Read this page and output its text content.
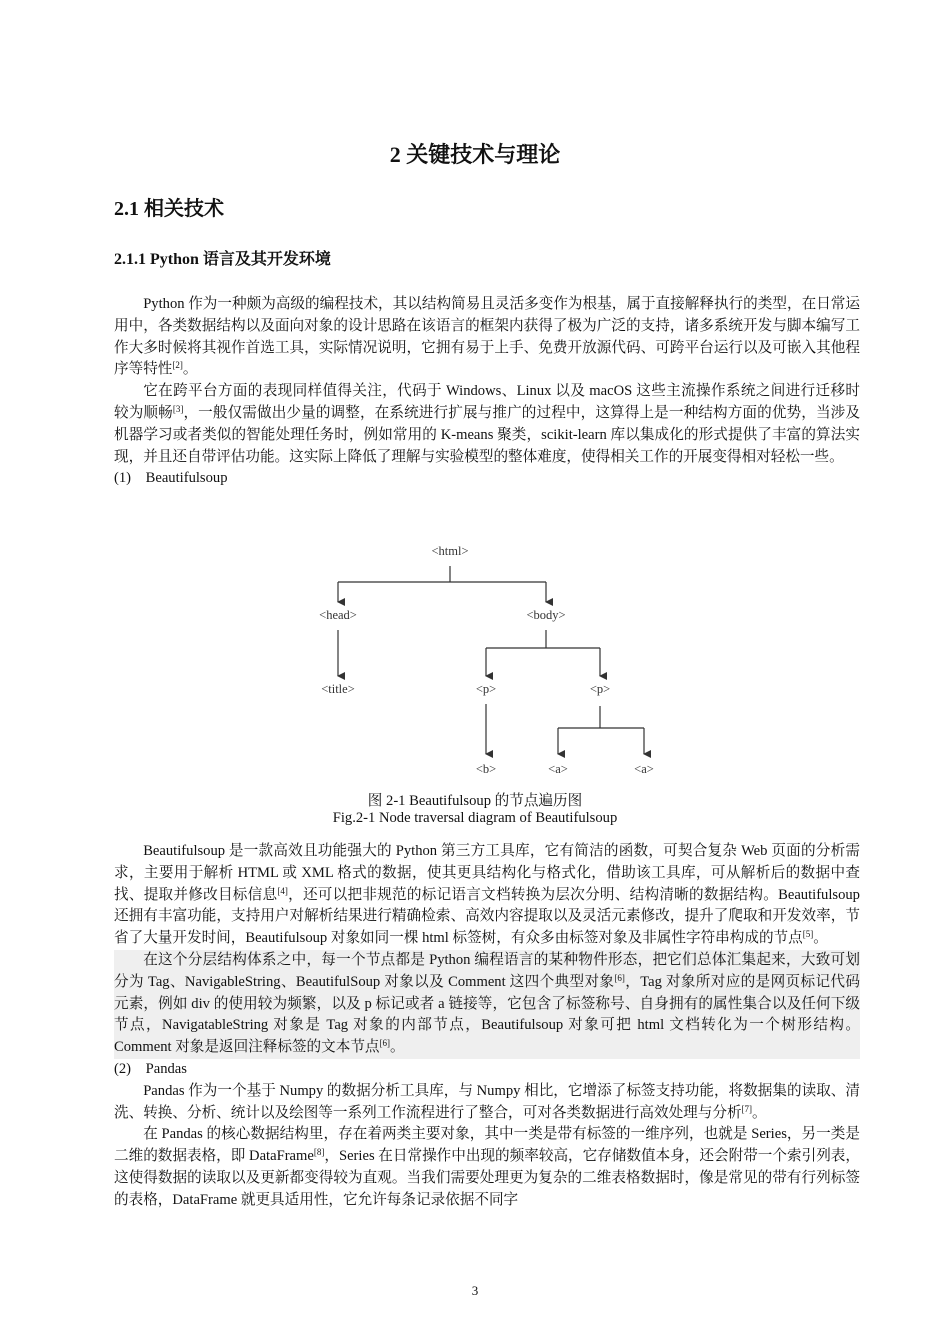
2 关键技术与理论
2.1 相关技术
2.1.1 Python 语言及其开发环境

Python 作为一种颇为高级的编程技术，其以结构简易且灵活多变作为根基，属于直接解释执行的类型，在日常运用中，各类数据结构以及面向对象的设计思路在该语言的框架内获得了极为广泛的支持，诸多系统开发与脚本编写工作大多时候将其视作首选工具，实际情况说明，它拥有易于上手、免费开放源代码、可跨平台运行以及可嵌入其他程序等特性[2]。

它在跨平台方面的表现同样值得关注，代码于 Windows、Linux 以及 macOS 这些主流操作系统之间进行迁移时较为顺畅[3]，一般仅需做出少量的调整，在系统进行扩展与推广的过程中，这算得上是一种结构方面的优势，当涉及机器学习或者类似的智能处理任务时，例如常用的 K-means 聚类，scikit-learn 库以集成化的形式提供了丰富的算法实现，并且还自带评估功能。这实际上降低了理解与实验模型的整体难度，使得相关工作的开展变得相对轻松一些。

(1)    Beautifulsoup

<html>
<head>	<body>
<title>	<p>	<p>
<b>	<a>	<a>
图 2-1 Beautifulsoup 的节点遍历图
Fig.2-1 Node traversal diagram of Beautifulsoup

Beautifulsoup 是一款高效且功能强大的 Python 第三方工具库，它有简洁的函数，可契合复杂 Web 页面的分析需求，主要用于解析 HTML 或 XML 格式的数据，使其更具结构化与格式化，借助该工具库，可从解析后的数据中查找、提取并修改目标信息[4]，还可以把非规范的标记语言文档转换为层次分明、结构清晰的数据结构。Beautifulsoup 还拥有丰富功能，支持用户对解析结果进行精确检索、高效内容提取以及灵活元素修改，提升了爬取和开发效率，节省了大量开发时间，Beautifulsoup 对象如同一棵 html 标签树，有众多由标签对象及非属性字符串构成的节点[5]。

在这个分层结构体系之中，每一个节点都是 Python 编程语言的某种物件形态，把它们总体汇集起来，大致可划分为 Tag、NavigableString、BeautifulSoup 对象以及 Comment 这四个典型对象[6]，Tag 对象所对应的是网页标记代码元素，例如 div 的使用较为频繁，以及 p 标记或者 a 链接等，它包含了标签称号、自身拥有的属性集合以及任何下级节点，NavigatableString 对象是 Tag 对象的内部节点，Beautifulsoup 对象可把 html 文档转化为一个树形结构。Comment 对象是返回注释标签的文本节点[6]。

(2)    Pandas

Pandas 作为一个基于 Numpy 的数据分析工具库，与 Numpy 相比，它增添了标签支持功能，将数据集的读取、清洗、转换、分析、统计以及绘图等一系列工作流程进行了整合，可对各类数据进行高效处理与分析[7]。

在 Pandas 的核心数据结构里，存在着两类主要对象，其中一类是带有标签的一维序列，也就是 Series，另一类是二维的数据表格，即 DataFrame[8]，Series 在日常操作中出现的频率较高，它存储数值本身，还会附带一个索引列表，这使得数据的读取以及更新都变得较为直观。当我们需要处理更为复杂的二维表格数据时，像是常见的带有行列标签的表格，DataFrame 就更具适用性，它允许每条记录依据不同字

3
